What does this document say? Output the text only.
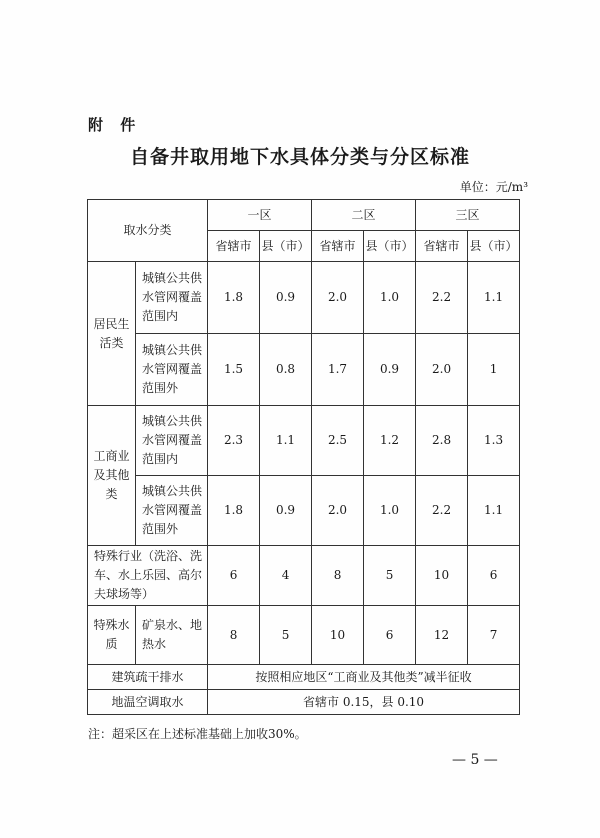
附 件
自备井取用地下水具体分类与分区标准
单位：元/m³
取水分类		一区		二区		三区	
		省辖市	县（市）	省辖市	县（市）	省辖市	县（市）
居民生活类	城镇公共供水管网覆盖范围内	1.8	0.9	2.0	1.0	2.2	1.1
	城镇公共供水管网覆盖范围外	1.5	0.8	1.7	0.9	2.0	1
工商业及其他类	城镇公共供水管网覆盖范围内	2.3	1.1	2.5	1.2	2.8	1.3
	城镇公共供水管网覆盖范围外	1.8	0.9	2.0	1.0	2.2	1.1
特殊行业（洗浴、洗车、水上乐园、高尔夫球场等）		6	4	8	5	10	6
特殊水质	矿泉水、地热水	8	5	10	6	12	7
建筑疏干排水		按照相应地区“工商业及其他类”减半征收					
地温空调取水		省辖市 0.15，县 0.10					
注：超采区在上述标准基础上加收30%。
— 5 —
